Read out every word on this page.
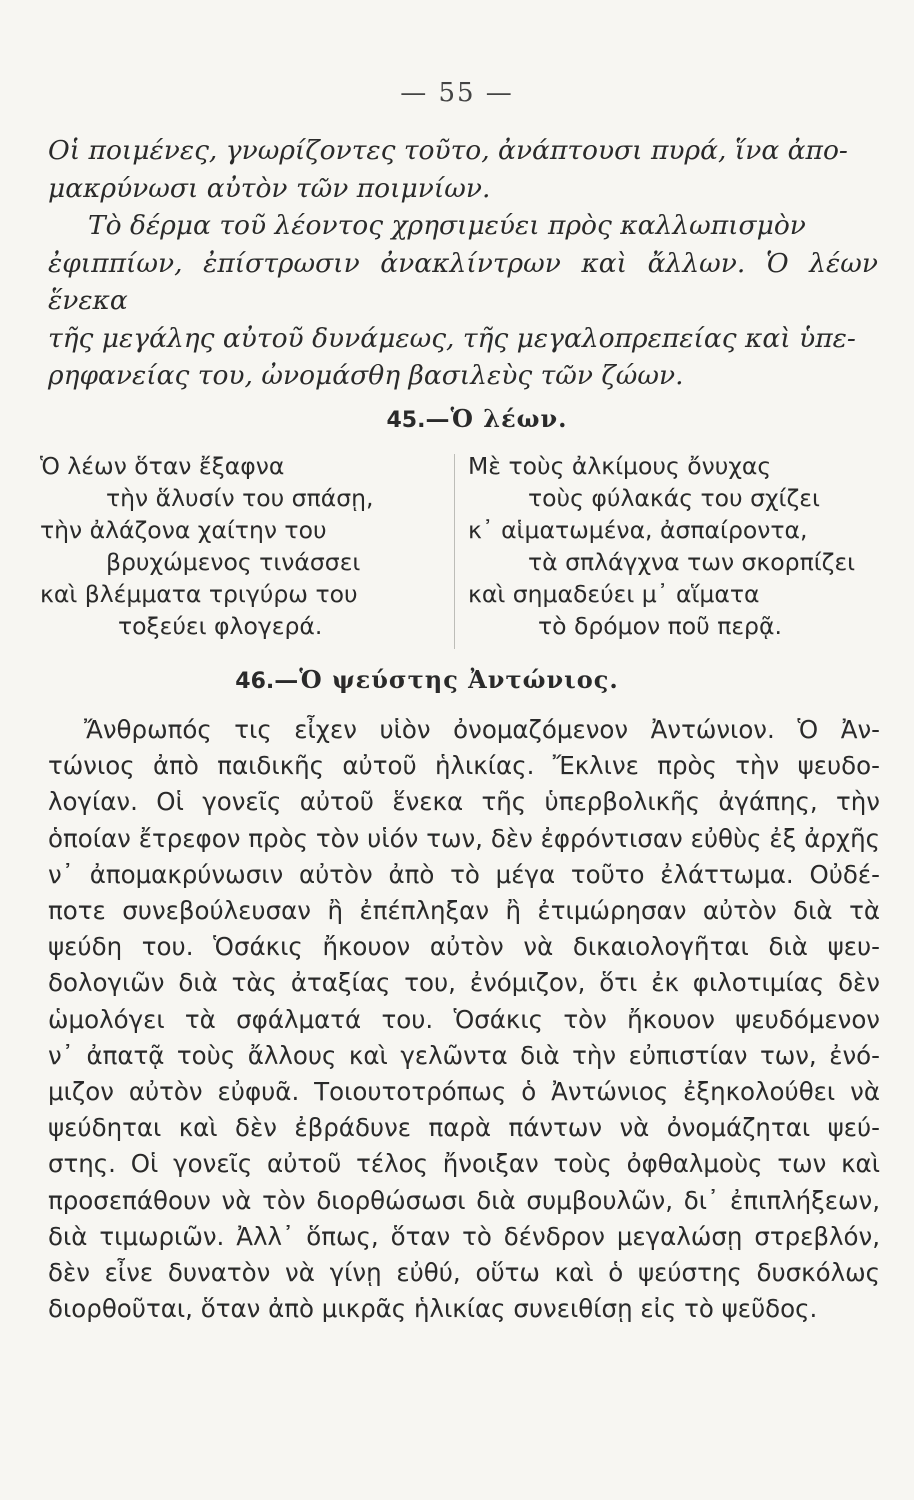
— 55 —

Οἱ ποιμένες, γνωρίζοντες τοῦτο, ἀνάπτουσι πυρά, ἵνα ἀπο-

μακρύνωσι αὐτὸν τῶν ποιμνίων.

Τὸ δέρμα τοῦ λέοντος χρησιμεύει πρὸς καλλωπισμὸν

ἐφιππίων, ἐπίστρωσιν ἀνακλίντρων καὶ ἄλλων. Ὁ λέων ἕνεκα

τῆς μεγάλης αὐτοῦ δυνάμεως, τῆς μεγαλοπρεπείας καὶ ὑπε-

ρηφανείας του, ὠνομάσθη βασιλεὺς τῶν ζώων.

45.—Ὁ λέων.
Ὁ λέων ὅταν ἔξαφνα
τὴν ἅλυσίν του σπάσῃ,
τὴν ἀλάζονα χαίτην του
βρυχώμενος τινάσσει
καὶ βλέμματα τριγύρω του
τοξεύει φλογερά.
Μὲ τοὺς ἀλκίμους ὄνυχας
τοὺς φύλακάς του σχίζει
κ᾽ αἱματωμένα, ἀσπαίροντα,
τὰ σπλάγχνα των σκορπίζει
καὶ σημαδεύει μ᾽ αἵματα
τὸ δρόμον ποῦ περᾷ.
46.—Ὁ ψεύστης Ἀντώνιος.
Ἄνθρωπός τις εἶχεν υἱὸν ὀνομαζόμενον Ἀντώνιον. Ὁ Ἀν-
τώνιος ἀπὸ παιδικῆς αὐτοῦ ἡλικίας. Ἔκλινε πρὸς τὴν ψευδο-
λογίαν. Οἱ γονεῖς αὐτοῦ ἕνεκα τῆς ὑπερβολικῆς ἀγάπης, τὴν
ὁποίαν ἔτρεφον πρὸς τὸν υἱόν των, δὲν ἐφρόντισαν εὐθὺς ἐξ ἀρχῆς
ν᾽ ἀπομακρύνωσιν αὐτὸν ἀπὸ τὸ μέγα τοῦτο ἐλάττωμα. Οὐδέ-
ποτε συνεβούλευσαν ἢ ἐπέπληξαν ἢ ἐτιμώρησαν αὐτὸν διὰ τὰ
ψεύδη του. Ὁσάκις ἤκουον αὐτὸν νὰ δικαιολογῆται διὰ ψευ-
δολογιῶν διὰ τὰς ἀταξίας του, ἐνόμιζον, ὅτι ἐκ φιλοτιμίας δὲν
ὡμολόγει τὰ σφάλματά του. Ὁσάκις τὸν ἤκουον ψευδόμενον
ν᾽ ἀπατᾷ τοὺς ἄλλους καὶ γελῶντα διὰ τὴν εὐπιστίαν των, ἐνό-
μιζον αὐτὸν εὐφυᾶ. Τοιουτοτρόπως ὁ Ἀντώνιος ἐξηκολούθει νὰ
ψεύδηται καὶ δὲν ἐβράδυνε παρὰ πάντων νὰ ὀνομάζηται ψεύ-
στης. Οἱ γονεῖς αὐτοῦ τέλος ἤνοιξαν τοὺς ὀφθαλμοὺς των καὶ
προσεπάθουν νὰ τὸν διορθώσωσι διὰ συμβουλῶν, δι᾽ ἐπιπλήξεων,
διὰ τιμωριῶν. Ἀλλ᾽ ὅπως, ὅταν τὸ δένδρον μεγαλώσῃ στρεβλόν,
δὲν εἶνε δυνατὸν νὰ γίνῃ εὐθύ, οὕτω καὶ ὁ ψεύστης δυσκόλως
διορθοῦται, ὅταν ἀπὸ μικρᾶς ἡλικίας συνειθίσῃ εἰς τὸ ψεῦδος.
